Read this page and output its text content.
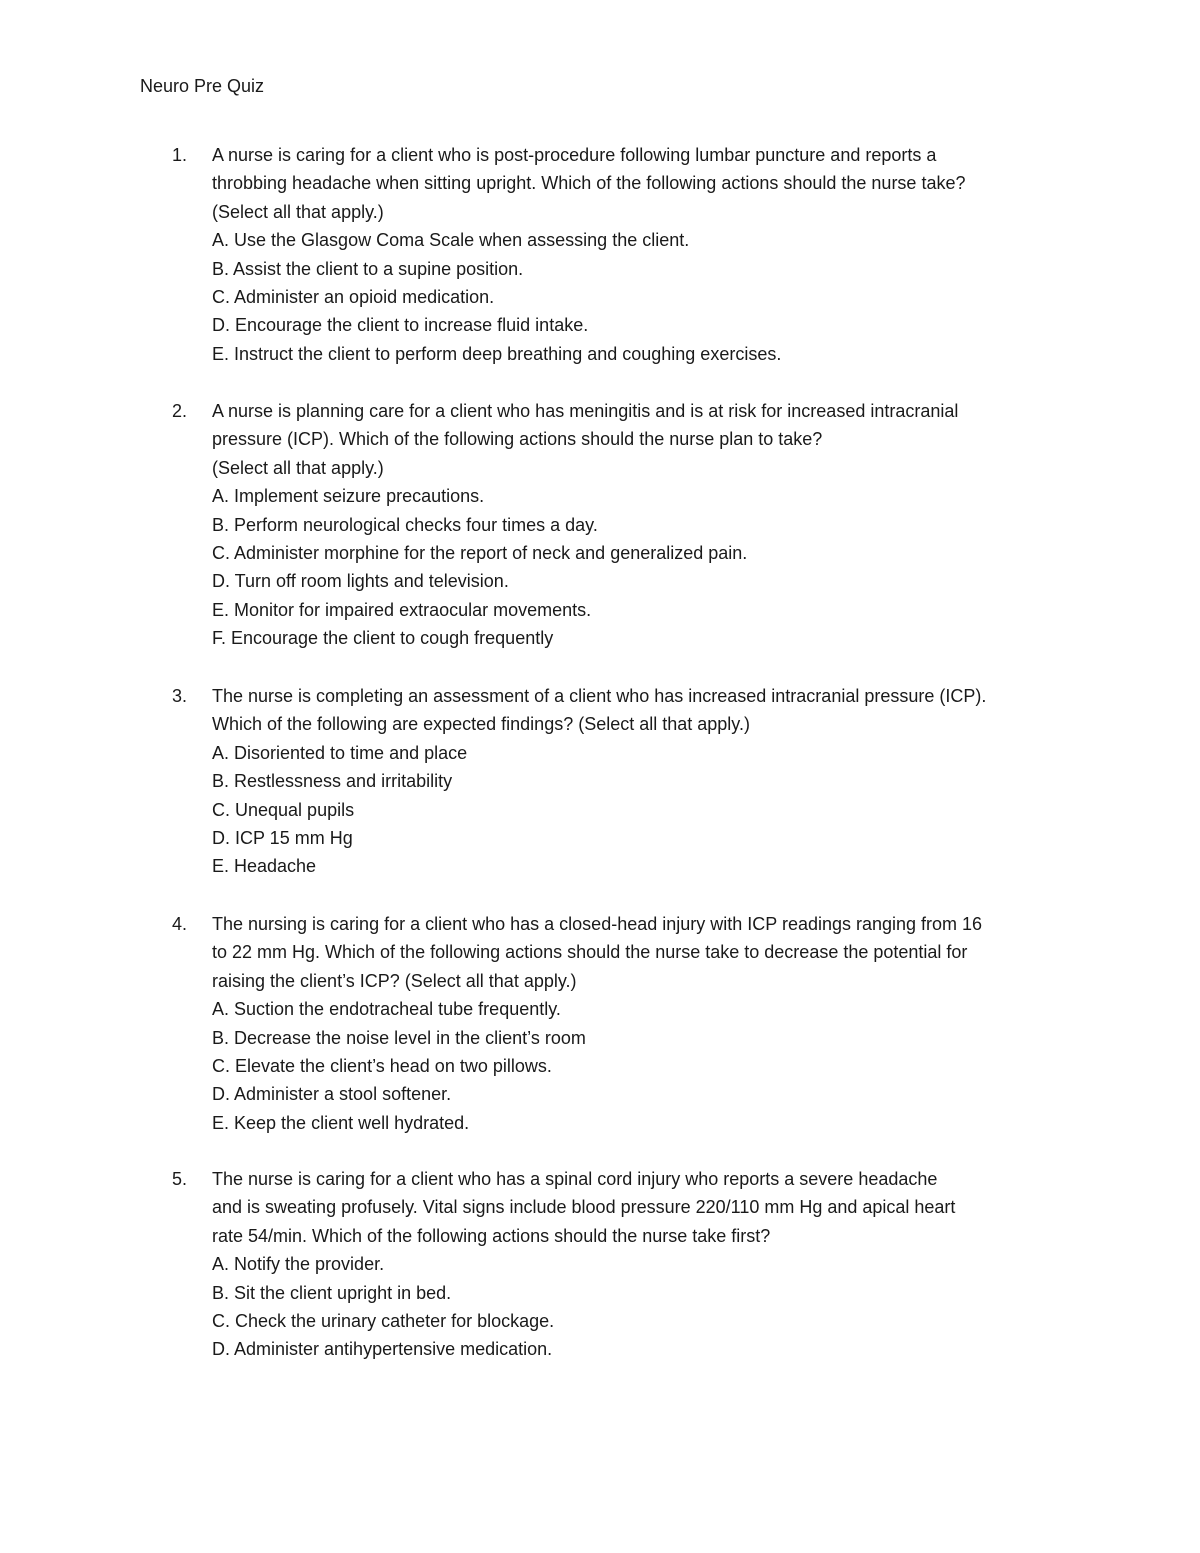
Neuro Pre Quiz
1.	A nurse is caring for a client who is post-procedure following lumbar puncture and reports a
throbbing headache when sitting upright. Which of the following actions should the nurse take?
(Select all that apply.)
A. Use the Glasgow Coma Scale when assessing the client.
B. Assist the client to a supine position.
C. Administer an opioid medication.
D. Encourage the client to increase fluid intake.
E. Instruct the client to perform deep breathing and coughing exercises.
2.	A nurse is planning care for a client who has meningitis and is at risk for increased intracranial
pressure (ICP). Which of the following actions should the nurse plan to take?
(Select all that apply.)
A. Implement seizure precautions.
B. Perform neurological checks four times a day.
C. Administer morphine for the report of neck and generalized pain.
D. Turn off room lights and television.
E. Monitor for impaired extraocular movements.
F. Encourage the client to cough frequently
3.	The nurse is completing an assessment of a client who has increased intracranial pressure (ICP).
Which of the following are expected findings? (Select all that apply.)
A. Disoriented to time and place
B. Restlessness and irritability
C. Unequal pupils
D. ICP 15 mm Hg
E. Headache
4.	The nursing is caring for a client who has a closed-head injury with ICP readings ranging from 16
to 22 mm Hg. Which of the following actions should the nurse take to decrease the potential for
raising the client’s ICP? (Select all that apply.)
A. Suction the endotracheal tube frequently.
B. Decrease the noise level in the client’s room
C. Elevate the client’s head on two pillows.
D. Administer a stool softener.
E. Keep the client well hydrated.
5.	The nurse is caring for a client who has a spinal cord injury who reports a severe headache
and is sweating profusely. Vital signs include blood pressure 220/110 mm Hg and apical heart
rate 54/min. Which of the following actions should the nurse take first?
A. Notify the provider.
B. Sit the client upright in bed.
C. Check the urinary catheter for blockage.
D. Administer antihypertensive medication.
